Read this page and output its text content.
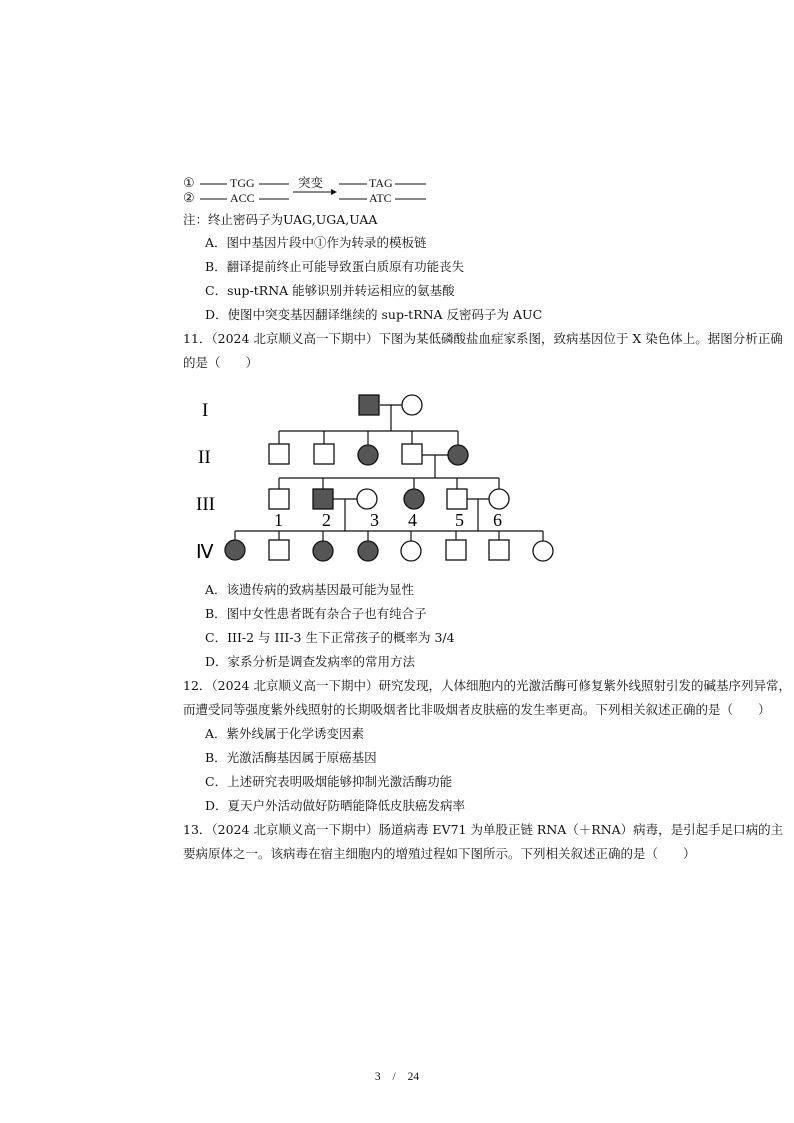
①
②
TGG
ACC
突变	TAG
ATC
注：终止密码子为UAG,UGA,UAA
A．图中基因片段中①作为转录的模板链
B．翻译提前终止可能导致蛋白质原有功能丧失
C．sup-tRNA 能够识别并转运相应的氨基酸
D．使图中突变基因翻译继续的 sup-tRNA 反密码子为 AUC
11．（2024 北京顺义高一下期中）下图为某低磷酸盐血症家系图，致病基因位于 X 染色体上。据图分析正确
的是（　　）
I
II
III
Ⅳ
1 2 3 4 5 6
A．该遗传病的致病基因最可能为显性
B．图中女性患者既有杂合子也有纯合子
C．III-2 与 III-3 生下正常孩子的概率为 3/4
D．家系分析是调查发病率的常用方法
12．（2024 北京顺义高一下期中）研究发现，人体细胞内的光激活酶可修复紫外线照射引发的碱基序列异常，
而遭受同等强度紫外线照射的长期吸烟者比非吸烟者皮肤癌的发生率更高。下列相关叙述正确的是（　　）
A．紫外线属于化学诱变因素
B．光激活酶基因属于原癌基因
C．上述研究表明吸烟能够抑制光激活酶功能
D．夏天户外活动做好防晒能降低皮肤癌发病率
13．（2024 北京顺义高一下期中）肠道病毒 EV71 为单股正链 RNA（＋RNA）病毒，是引起手足口病的主
要病原体之一。该病毒在宿主细胞内的增殖过程如下图所示。下列相关叙述正确的是（　　）
3 / 24
